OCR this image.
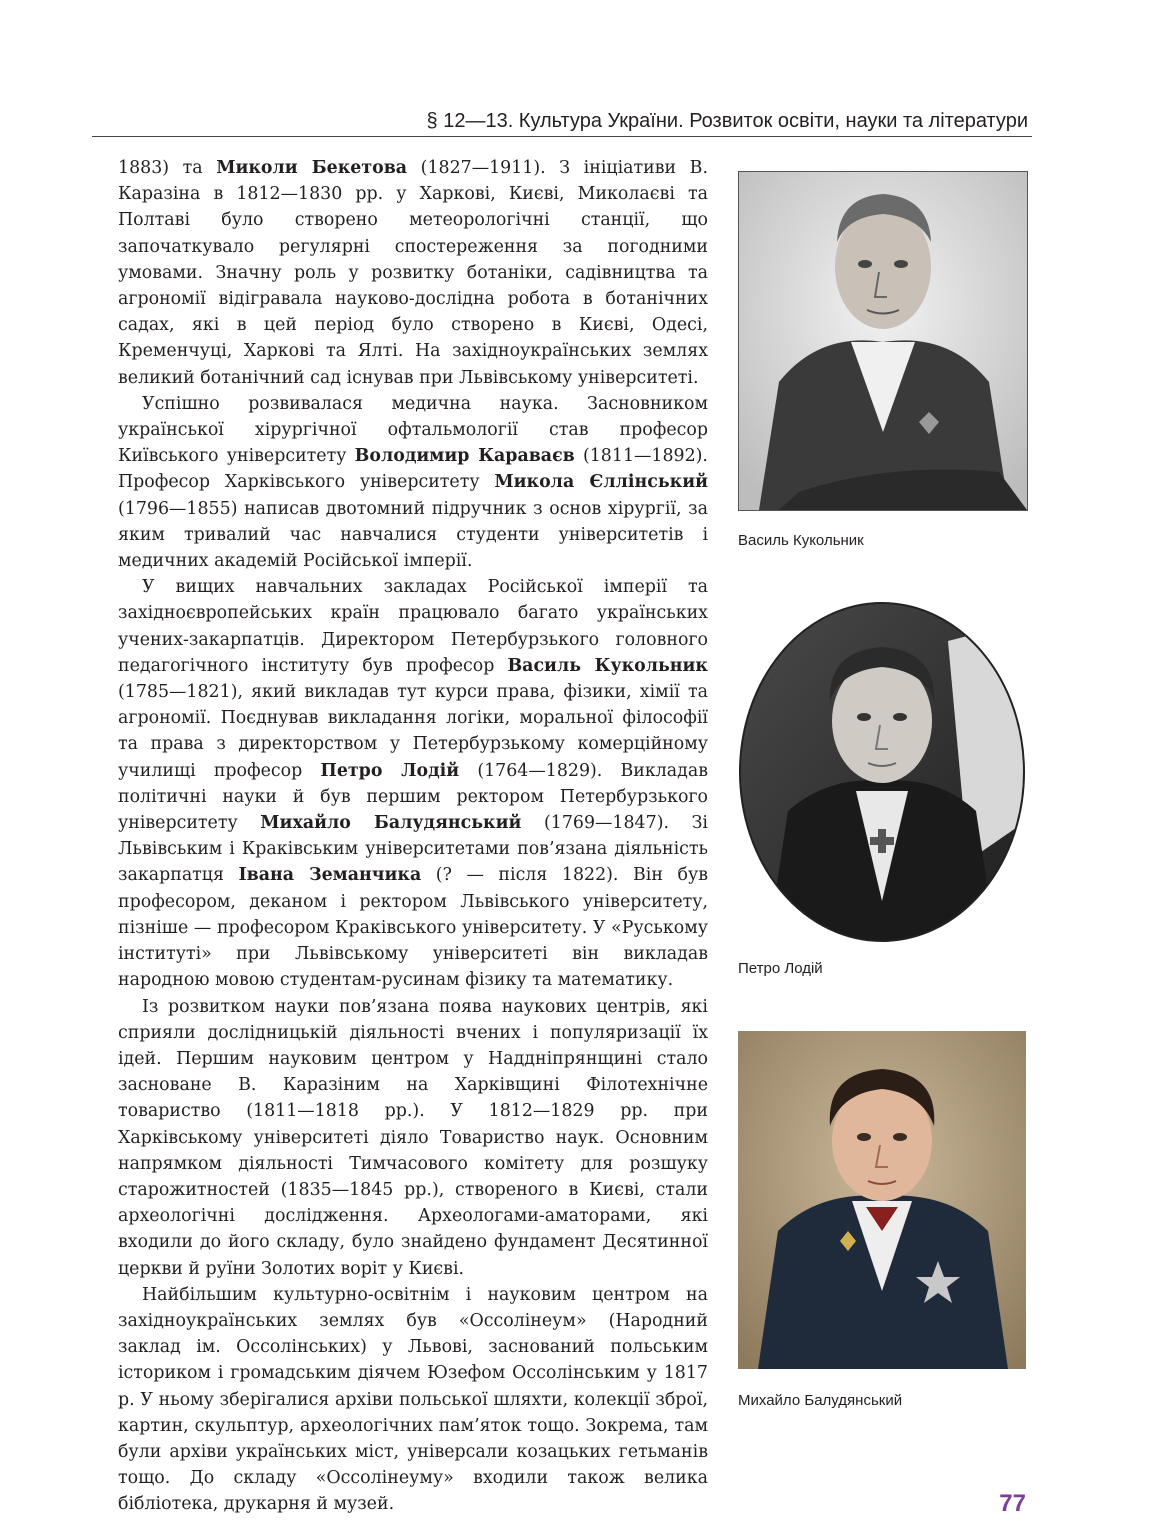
§ 12—13. Культура України. Розвиток освіти, науки та літератури

1883) та Миколи Бекетова (1827—1911). З ініціативи В. Каразіна в 1812—1830 рр. у Харкові, Києві, Миколаєві та Полтаві було створено метеорологічні станції, що започаткувало регулярні спостереження за погодними умовами. Значну роль у розвитку ботаніки, садівництва та агрономії відігравала науково-дослідна робота в ботанічних садах, які в цей період було створено в Києві, Одесі, Кременчуці, Харкові та Ялті. На західноукраїнських землях великий ботанічний сад існував при Львівському університеті.

Успішно розвивалася медична наука. Засновником української хірургічної офтальмології став професор Київського університету Володимир Караваєв (1811—1892). Професор Харківського університету Микола Єллінський (1796—1855) написав двотомний підручник з основ хірургії, за яким тривалий час навчалися студенти університетів і медичних академій Російської імперії.

У вищих навчальних закладах Російської імперії та західноєвропейських країн працювало багато українських учених-закарпатців. Директором Петербурзького головного педагогічного інституту був професор Василь Кукольник (1785—1821), який викладав тут курси права, фізики, хімії та агрономії. Поєднував викладання логіки, моральної філософії та права з директорством у Петербурзькому комерційному училищі професор Петро Лодій (1764—1829). Викладав політичні науки й був першим ректором Петербурзького університету Михайло Балудянський (1769—1847). Зі Львівським і Краківським університетами пов’язана діяльність закарпатця Івана Земанчика (? — після 1822). Він був професором, деканом і ректором Львівського університету, пізніше — професором Краківського університету. У «Руському інституті» при Львівському університеті він викладав народною мовою студентам-русинам фізику та математику.

Із розвитком науки пов’язана поява наукових центрів, які сприяли дослідницькій діяльності вчених і популяризації їх ідей. Першим науковим центром у Наддніпрянщині стало засноване В. Каразіним на Харківщині Філотехнічне товариство (1811—1818 рр.). У 1812—1829 рр. при Харківському університеті діяло Товариство наук. Основним напрямком діяльності Тимчасового комітету для розшуку старожитностей (1835—1845 рр.), створеного в Києві, стали археологічні дослідження. Археологами-аматорами, які входили до його складу, було знайдено фундамент Десятинної церкви й руїни Золотих воріт у Києві.

Найбільшим культурно-освітнім і науковим центром на західноукраїнських землях був «Оссолінеум» (Народний заклад ім. Оссолінських) у Львові, заснований польським істориком і громадським діячем Юзефом Оссолінським у 1817 р. У ньому зберігалися архіви польської шляхти, колекції зброї, картин, скульптур, археологічних пам’яток тощо. Зокрема, там були архіви українських міст, універсали козацьких гетьманів тощо. До складу «Оссолінеуму» входили також велика бібліотека, друкарня й музей.

Василь Кукольник
Петро Лодій
Михайло Балудянський
77
